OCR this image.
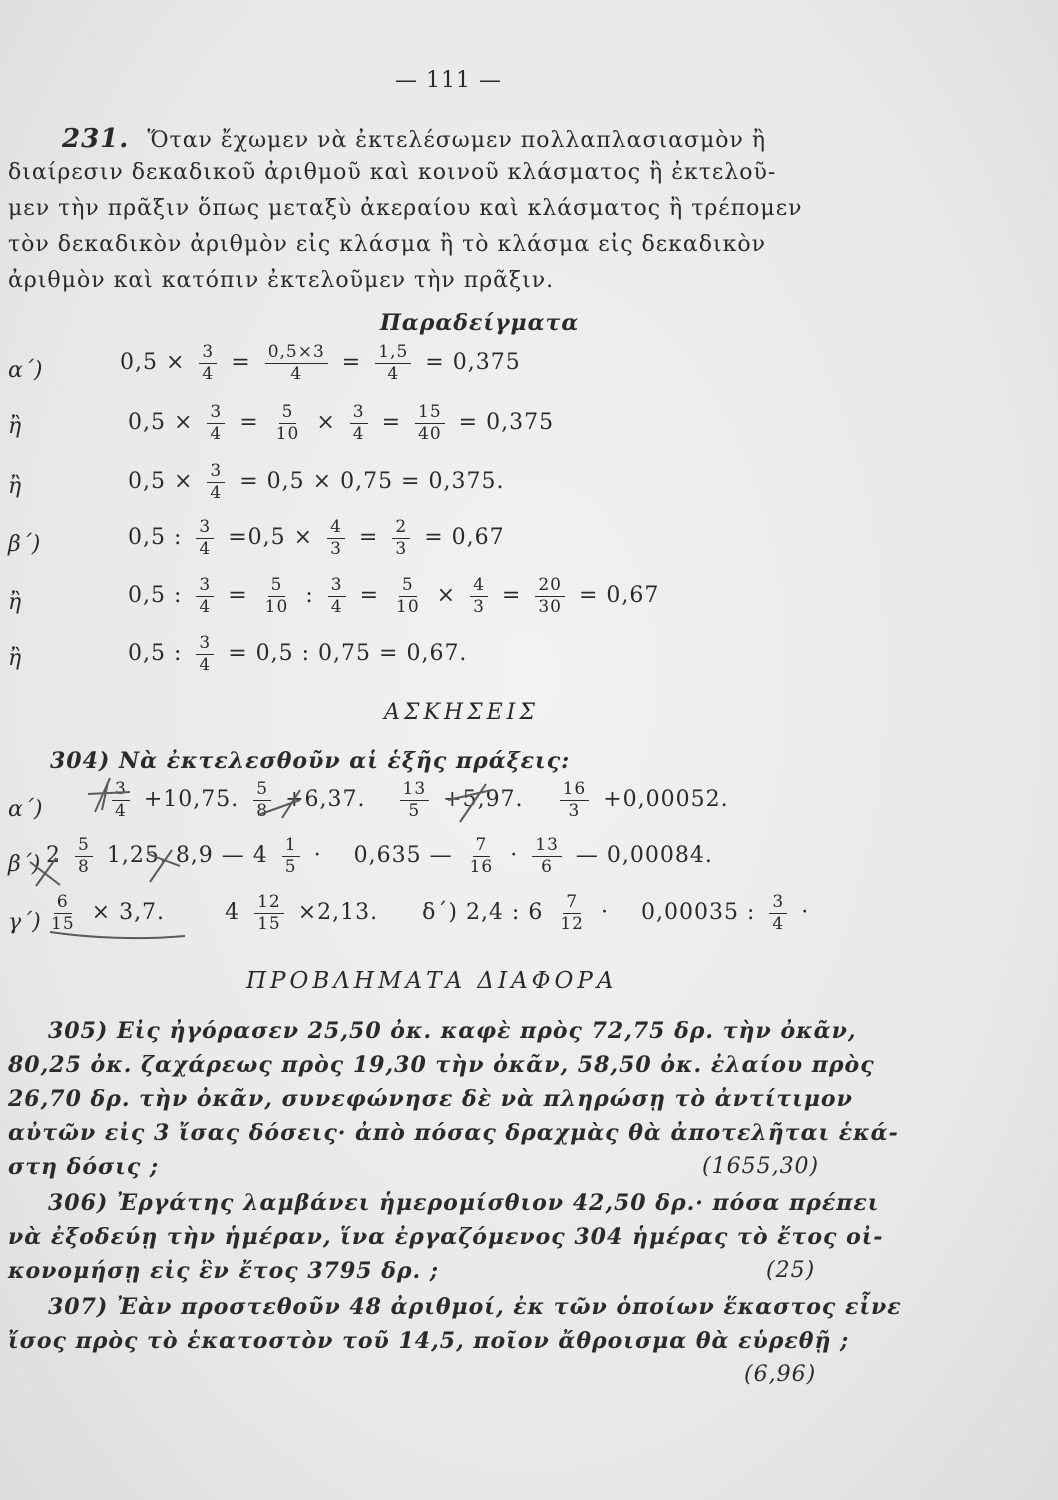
— 111 —
231. Ὅταν ἔχωμεν νὰ ἐκτελέσωμεν πολλαπλασιασμὸν ἢ
διαίρεσιν δεκαδικοῦ ἀριθμοῦ καὶ κοινοῦ κλάσματος ἢ ἐκτελοῦ-
μεν τὴν πρᾶξιν ὅπως μεταξὺ ἀκεραίου καὶ κλάσματος ἢ τρέπομεν
τὸν δεκαδικὸν ἀριθμὸν εἰς κλάσμα ἢ τὸ κλάσμα εἰς δεκαδικὸν
ἀριθμὸν καὶ κατόπιν ἐκτελοῦμεν τὴν πρᾶξιν.
Παραδείγματα
α΄)	$0,5 \times \frac{3}{4} = \frac{0,5\times 3}{4} = \frac{1,5}{4} = 0,375$
ἢ	$0,5 \times \frac{3}{4} = \frac{5}{10} \times \frac{3}{4} = \frac{15}{40} = 0,375$
ἢ	$0,5 \times \frac{3}{4} = 0,5 \times 0,75 = 0,375$.
β΄)	0,5 : $\frac{3}{4} =0,5 \times \frac{4}{3} = \frac{2}{3} = 0,67$
ἢ	0,5 : $\frac{3}{4} = \frac{5}{10}$ : $\frac{3}{4} = \frac{5}{10} \times \frac{4}{3} = \frac{20}{30} = 0,67$
ἢ	0,5 : $\frac{3}{4} = 0,5$ : 0,75 = 0,67.
ΑΣΚΗΣΕΙΣ
304) Νὰ ἐκτελεσθοῦν αἱ ἑξῆς πράξεις:
α΄)	$\frac{3}{4} +10,75$. $\frac{5}{8} +6,37$. $\frac{13}{5} +5,97$. $\frac{16}{3} +0,00052$.
β΄) $2 \frac{5}{8} 1,25$. 8,9 — $4 \frac{1}{5} \cdot 0,635$ — $\frac{7}{16} \cdot \frac{13}{6}$ — 0,00084.
$\gamma΄) \frac{6}{15} \times 3,7$.	$4 \frac{12}{15} \times 2,13$. δ΄) 2,4 : $6 \frac{7}{12} \cdot 0,00035$ : $\frac{3}{4}$ ·
ΠΡΟΒΛΗΜΑΤΑ ΔΙΑΦΟΡΑ
305) Εἰς ἠγόρασεν 25,50 ὀκ. καφὲ πρὸς 72,75 δρ. τὴν ὀκᾶν,
80,25 ὀκ. ζαχάρεως πρὸς 19,30 τὴν ὀκᾶν, 58,50 ὀκ. ἐλαίου πρὸς
26,70 δρ. τὴν ὀκᾶν, συνεφώνησε δὲ νὰ πληρώσῃ τὸ ἀντίτιμον
αὐτῶν εἰς 3 ἴσας δόσεις· ἀπὸ πόσας δραχμὰς θὰ ἀποτελῆται ἑκά-
στη δόσις ;	(1655,30)
306) Ἐργάτης λαμβάνει ἡμερομίσθιον 42,50 δρ.· πόσα πρέπει
νὰ ἐξοδεύῃ τὴν ἡμέραν, ἵνα ἐργαζόμενος 304 ἡμέρας τὸ ἔτος οἰ-
κονομήσῃ εἰς ἓν ἔτος 3795 δρ. ;	(25)
307) Ἐὰν προστεθοῦν 48 ἀριθμοί, ἐκ τῶν ὁποίων ἕκαστος εἶνε
ἴσος πρὸς τὸ ἑκατοστὸν τοῦ 14,5, ποῖον ἄθροισμα θὰ εὑρεθῇ ;
(6,96)
